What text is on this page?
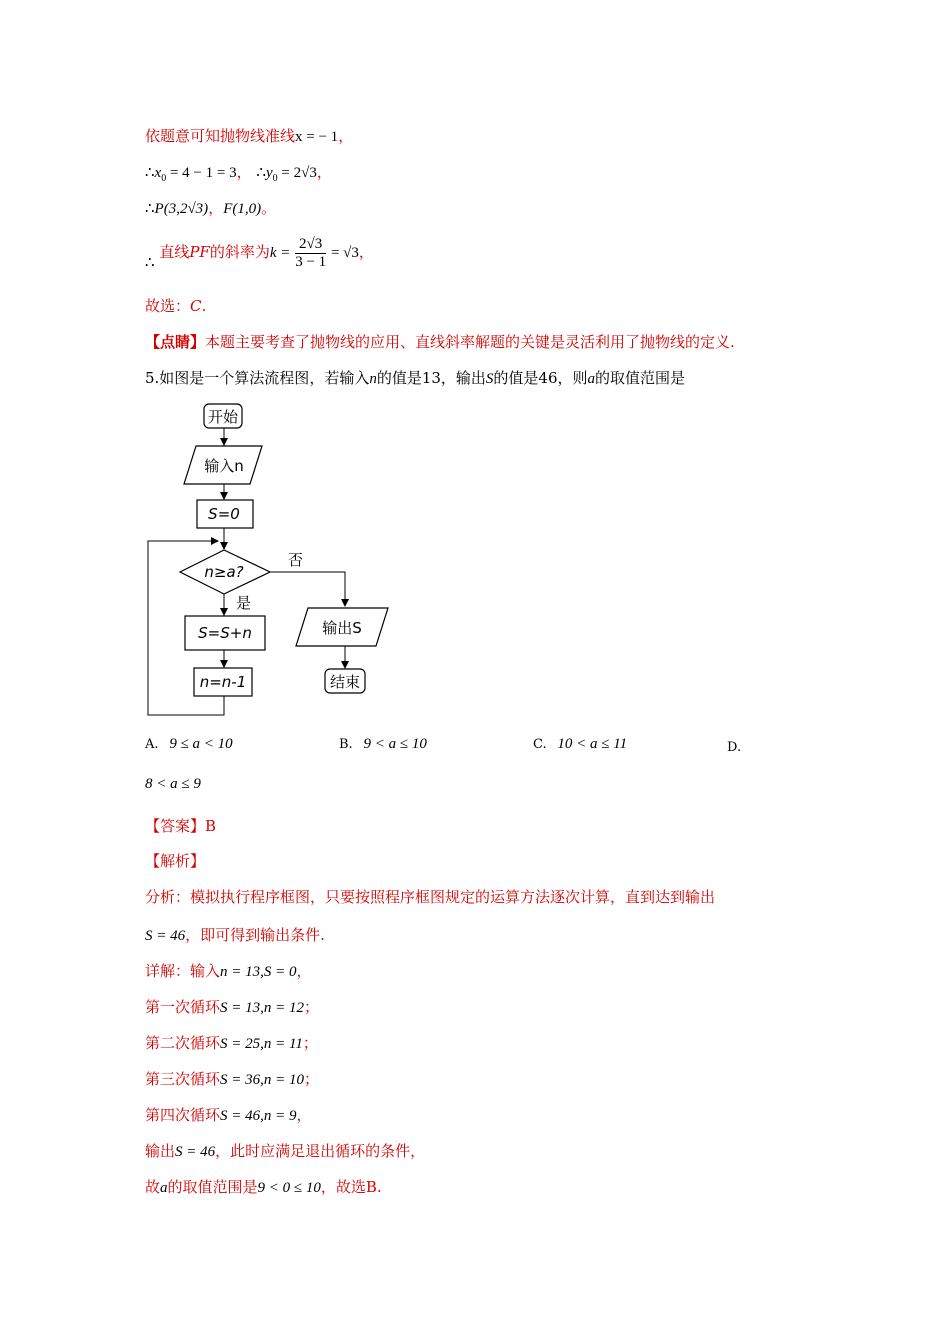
依题意可知抛物线准线x = − 1，
$\therefore x_0 = 4 - 1 = 3$， $\therefore y_0 = 2√3$，
∴P(3,2√3)，F(1,0)。
∴ 直线PF的斜率为$k = \frac{2√3}{3 - 1} = √3$，
故选：C.
【点睛】本题主要考查了抛物线的应用、直线斜率解题的关键是灵活利用了抛物线的定义.
5.如图是一个算法流程图，若输入n的值是13，输出S的值是46，则a的取值范围是
开始
输入n
S=0
n≥a?
否
是
S=S+n
n=n-1
输出S
结束
A. 9 ≤ a < 10	B. 9 < a ≤ 10	C. 10 < a ≤ 11	D.
8 < a ≤ 9
【答案】B
【解析】
分析：模拟执行程序框图，只要按照程序框图规定的运算方法逐次计算，直到达到输出
S = 46，即可得到输出条件.
详解：输入n = 13,S = 0，
第一次循环S = 13,n = 12；
第二次循环S = 25,n = 11；
第三次循环S = 36,n = 10；
第四次循环S = 46,n = 9，
输出S = 46，此时应满足退出循环的条件，
故a的取值范围是9 < 0 ≤ 10，故选B.
